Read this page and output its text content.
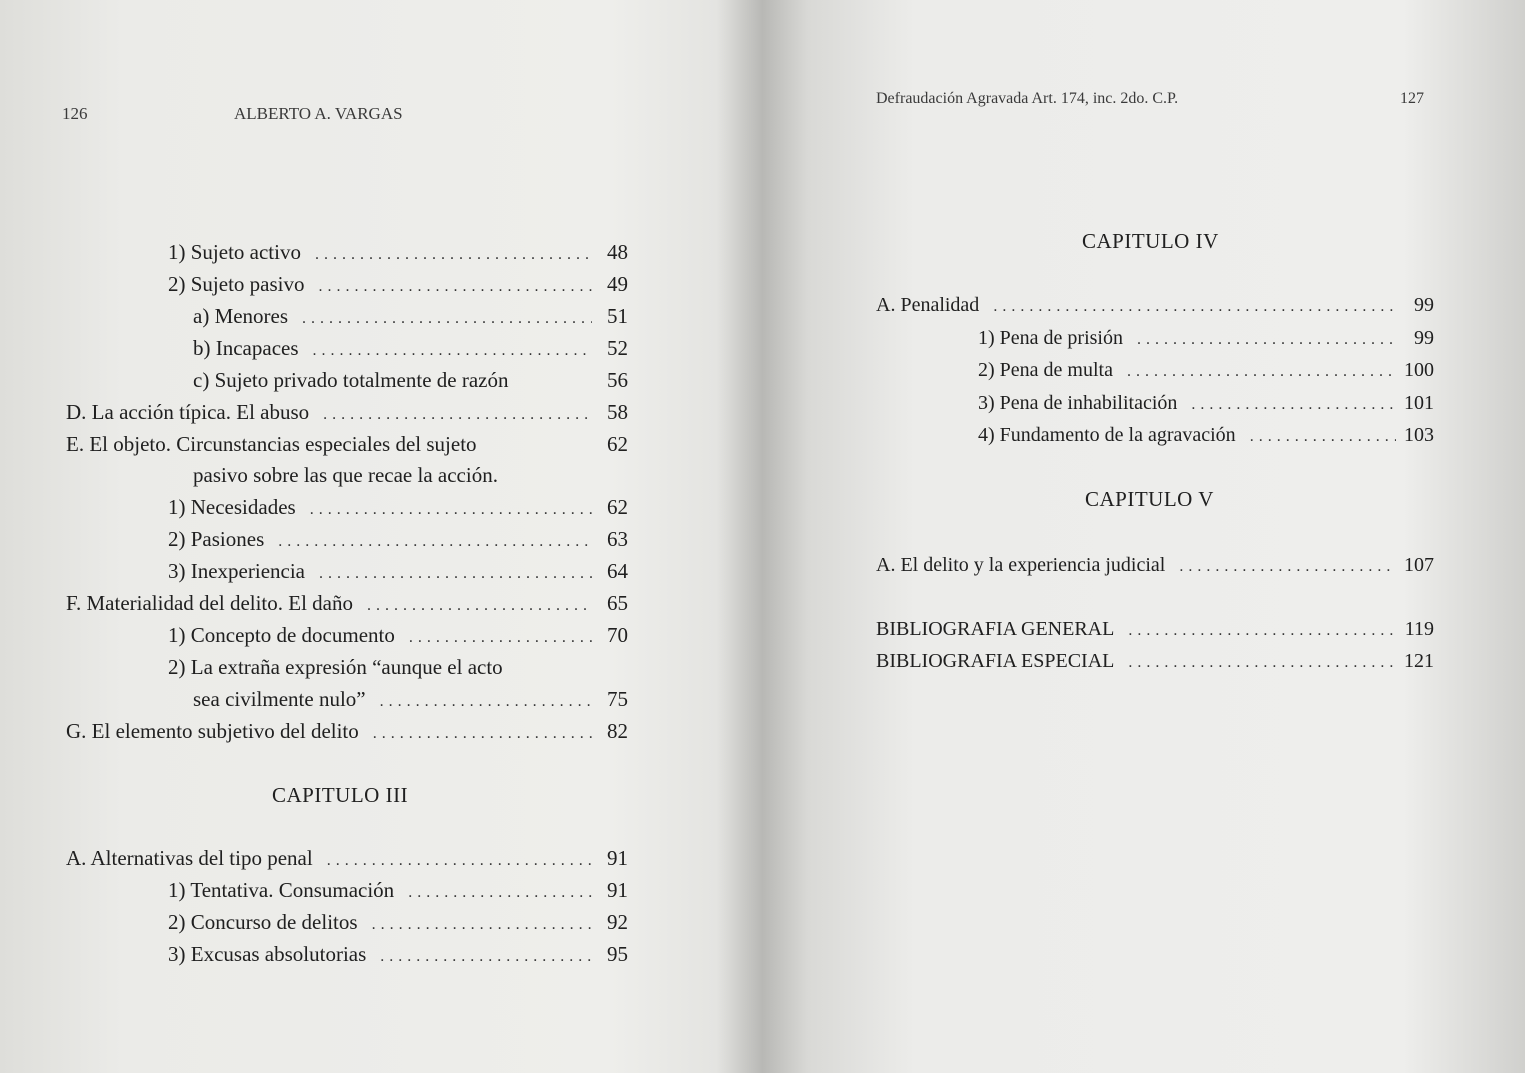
126	ALBERTO A. VARGAS
1) Sujeto activo .....	48
2) Sujeto pasivo .....	49
a) Menores .....	51
b) Incapaces .....	52
c) Sujeto privado totalmente de razón	56
D. La acción típica. El abuso .....	58
E. El objeto. Circunstancias especiales del sujeto	62
pasivo sobre las que recae la acción.
1) Necesidades .....	62
2) Pasiones .....	63
3) Inexperiencia .....	64
F. Materialidad del delito. El daño .....	65
1) Concepto de documento .....	70
2) La extraña expresión “aunque el acto
sea civilmente nulo” .....	75
G. El elemento subjetivo del delito .....	82
CAPITULO III
A. Alternativas del tipo penal .....	91
1) Tentativa. Consumación .....	91
2) Concurso de delitos .....	92
3) Excusas absolutorias .....	95
Defraudación Agravada Art. 174, inc. 2do. C.P.	127
CAPITULO IV
A. Penalidad .....	99
1) Pena de prisión .....	99
2) Pena de multa .....	100
3) Pena de inhabilitación .....	101
4) Fundamento de la agravación .....	103
CAPITULO V
A. El delito y la experiencia judicial .....	107
BIBLIOGRAFIA GENERAL .....	119
BIBLIOGRAFIA ESPECIAL .....	121
